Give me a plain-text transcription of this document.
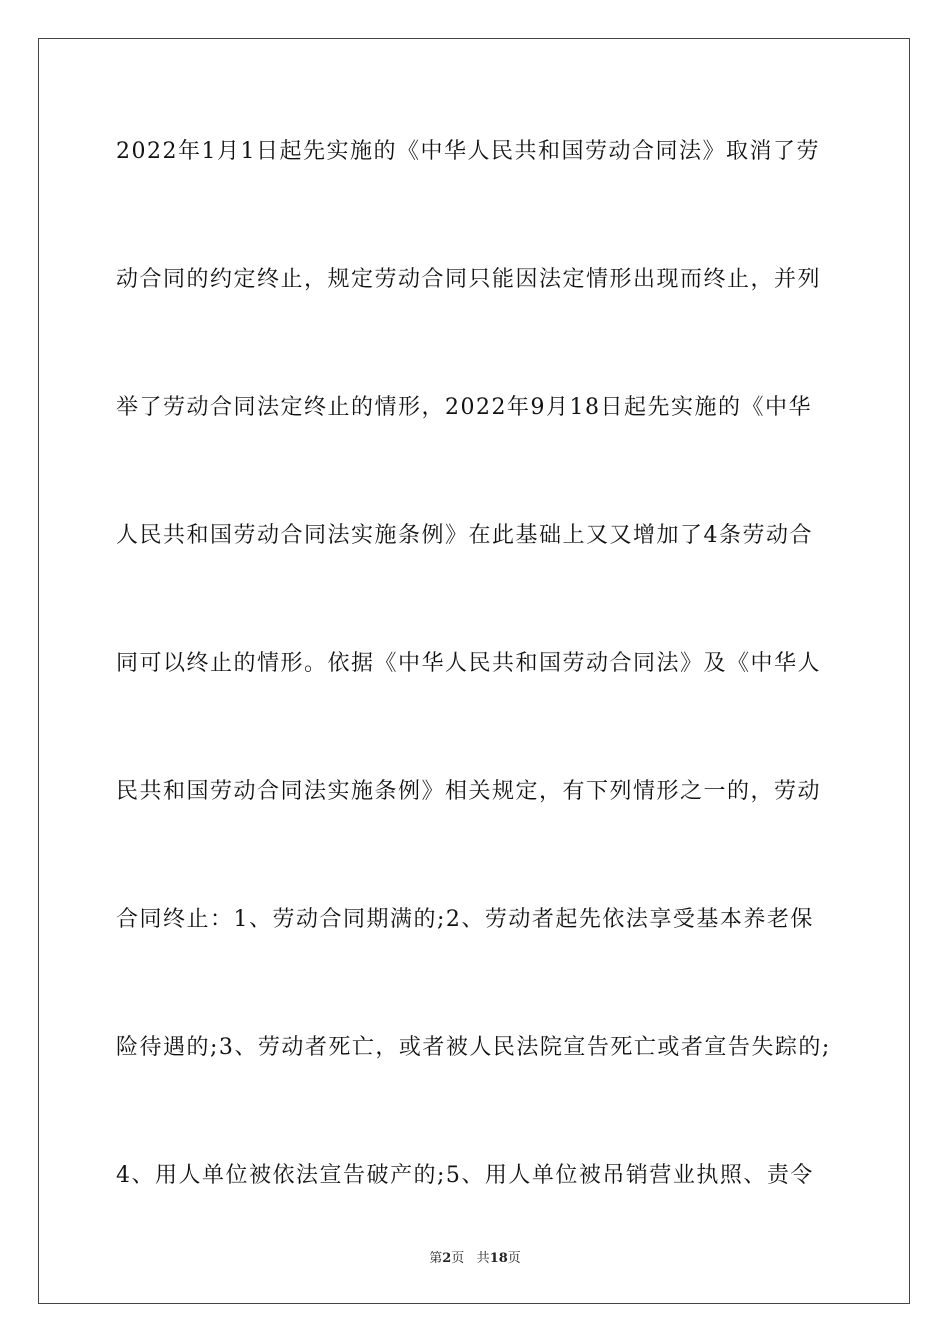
2022年1月1日起先实施的《中华人民共和国劳动合同法》取消了劳

动合同的约定终止，规定劳动合同只能因法定情形出现而终止，并列

举了劳动合同法定终止的情形，2022年9月18日起先实施的《中华

人民共和国劳动合同法实施条例》在此基础上又又增加了4条劳动合

同可以终止的情形。依据《中华人民共和国劳动合同法》及《中华人

民共和国劳动合同法实施条例》相关规定，有下列情形之一的，劳动

合同终止：1、劳动合同期满的;2、劳动者起先依法享受基本养老保

险待遇的;3、劳动者死亡，或者被人民法院宣告死亡或者宣告失踪的;

4、用人单位被依法宣告破产的;5、用人单位被吊销营业执照、责令

第2页 共18页
